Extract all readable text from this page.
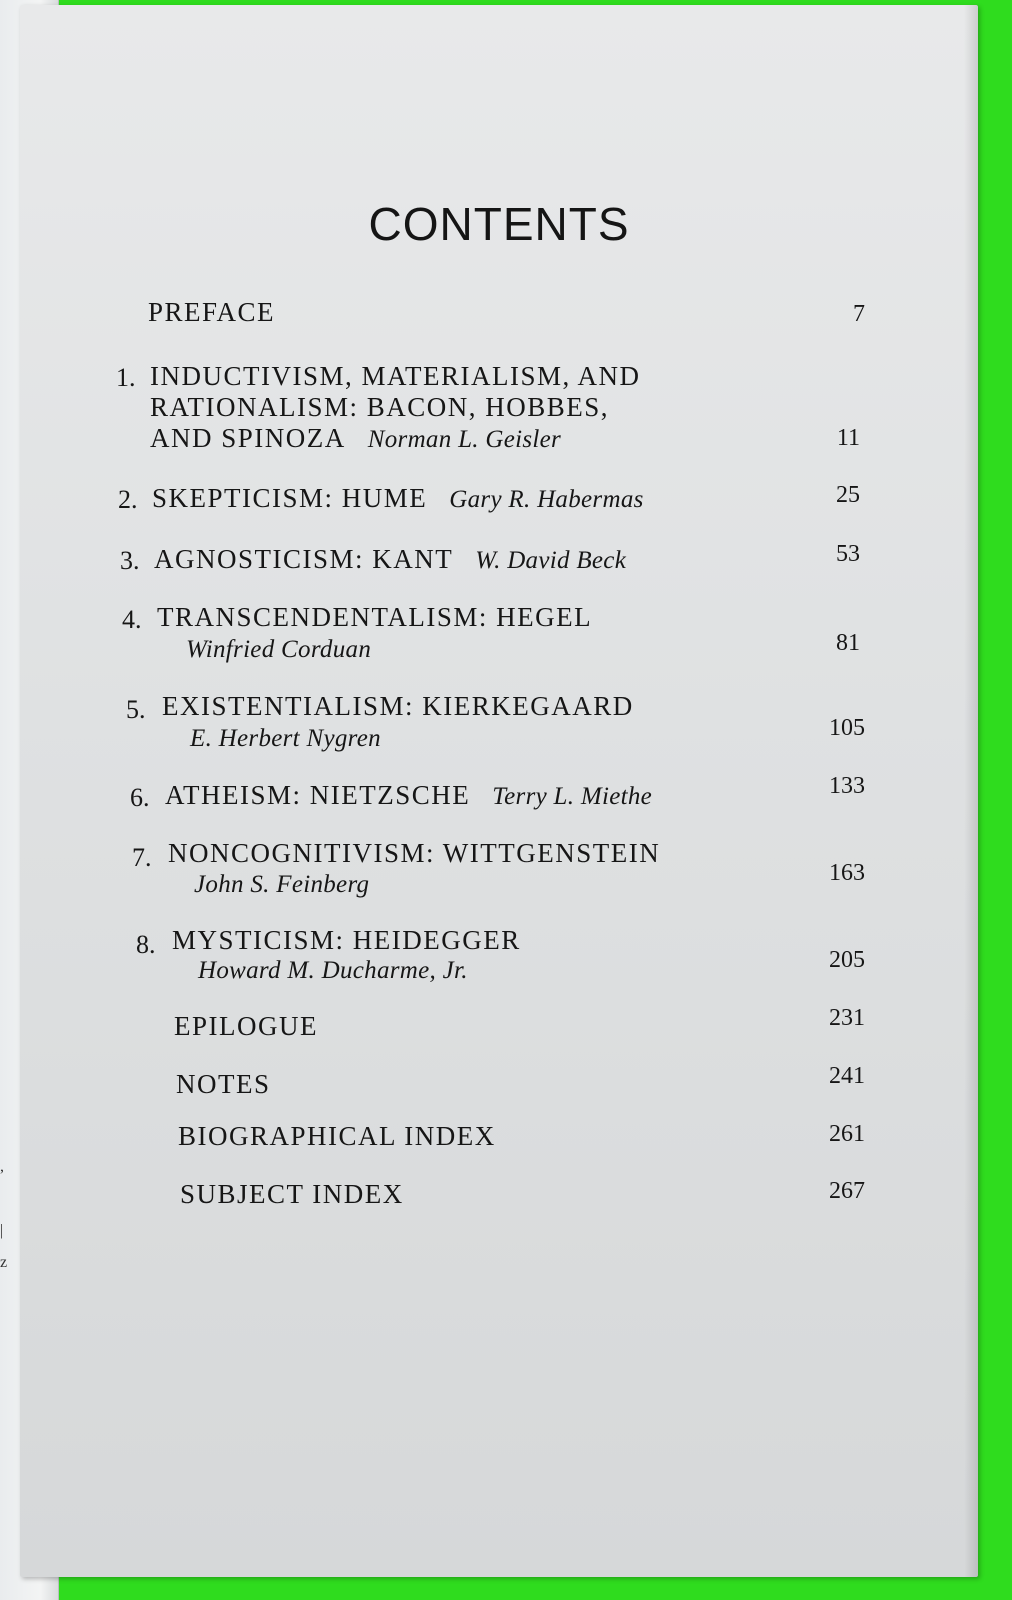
,
|
z
CONTENTS
PREFACE	7
1. INDUCTIVISM, MATERIALISM, AND
RATIONALISM: BACON, HOBBES,
AND SPINOZA Norman L. Geisler	11
2. SKEPTICISM: HUME Gary R. Habermas	25
3. AGNOSTICISM: KANT W. David Beck	53
4. TRANSCENDENTALISM: HEGEL
Winfried Corduan	81
5. EXISTENTIALISM: KIERKEGAARD
E. Herbert Nygren	105
6. ATHEISM: NIETZSCHE Terry L. Miethe	133
7. NONCOGNITIVISM: WITTGENSTEIN
John S. Feinberg	163
8. MYSTICISM: HEIDEGGER
Howard M. Ducharme, Jr.	205
EPILOGUE	231
NOTES	241
BIOGRAPHICAL INDEX	261
SUBJECT INDEX	267
